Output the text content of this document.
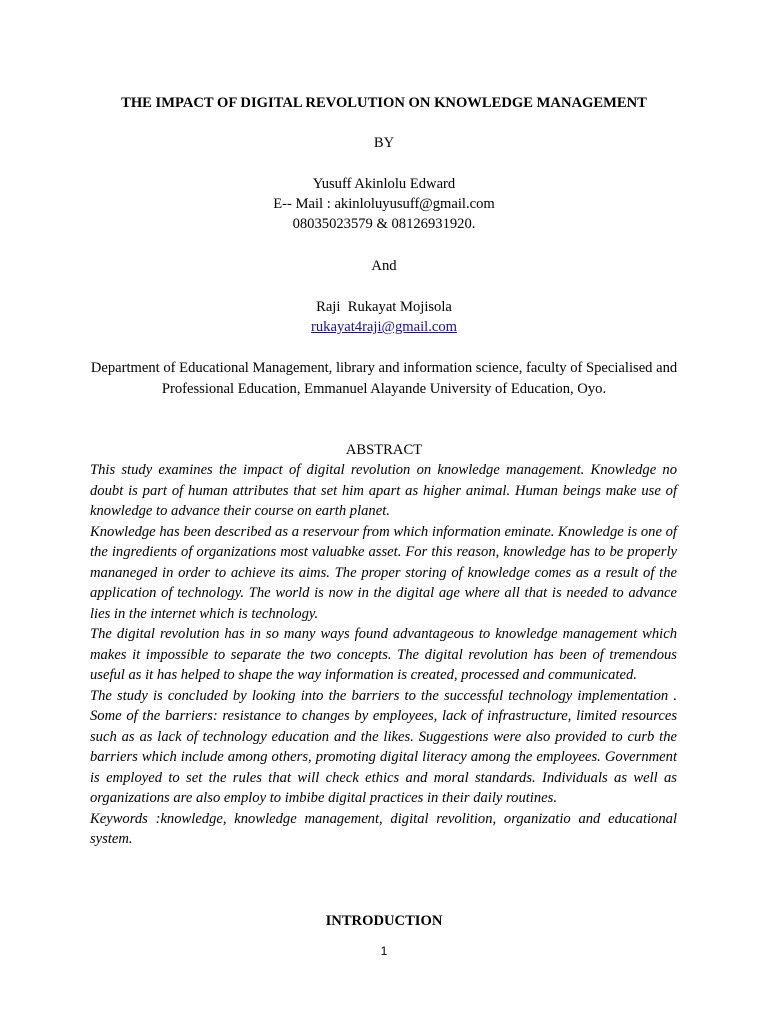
THE IMPACT OF DIGITAL REVOLUTION ON KNOWLEDGE MANAGEMENT

BY

Yusuff Akinlolu Edward

E-- Mail : akinloluyusuff@gmail.com

08035023579 & 08126931920.

And

Raji  Rukayat Mojisola

rukayat4raji@gmail.com

Department of Educational Management, library and information science, faculty of Specialised and Professional Education, Emmanuel Alayande University of Education, Oyo.

ABSTRACT

This study examines the impact of digital revolution on knowledge management. Knowledge no doubt is part of human attributes that set him apart as higher animal. Human beings make use of knowledge to advance their course on earth planet.

Knowledge has been described as a reservour from which information eminate. Knowledge is one of the ingredients of organizations most valuabke asset. For this reason, knowledge has to be properly mananeged in order to achieve its aims. The proper storing of knowledge comes as a result of the application of technology. The world is now in the digital age where all that is needed to advance lies in the internet which is technology.

The digital revolution has in so many ways found advantageous to knowledge management which makes it impossible to separate the two concepts. The digital revolution has been of tremendous useful as it has helped to shape the way information is created, processed and communicated.

The study is concluded by looking into the barriers to the successful technology implementation . Some of the barriers: resistance to changes by employees, lack of infrastructure, limited resources such as as lack of technology education and the likes. Suggestions were also provided to curb the barriers which include among others, promoting digital literacy among the employees. Government is employed to set the rules that will check ethics and moral standards. Individuals as well as organizations are also employ to imbibe digital practices in their daily routines.

Keywords :knowledge, knowledge management, digital revolition, organizatio and educational system.

INTRODUCTION
1
